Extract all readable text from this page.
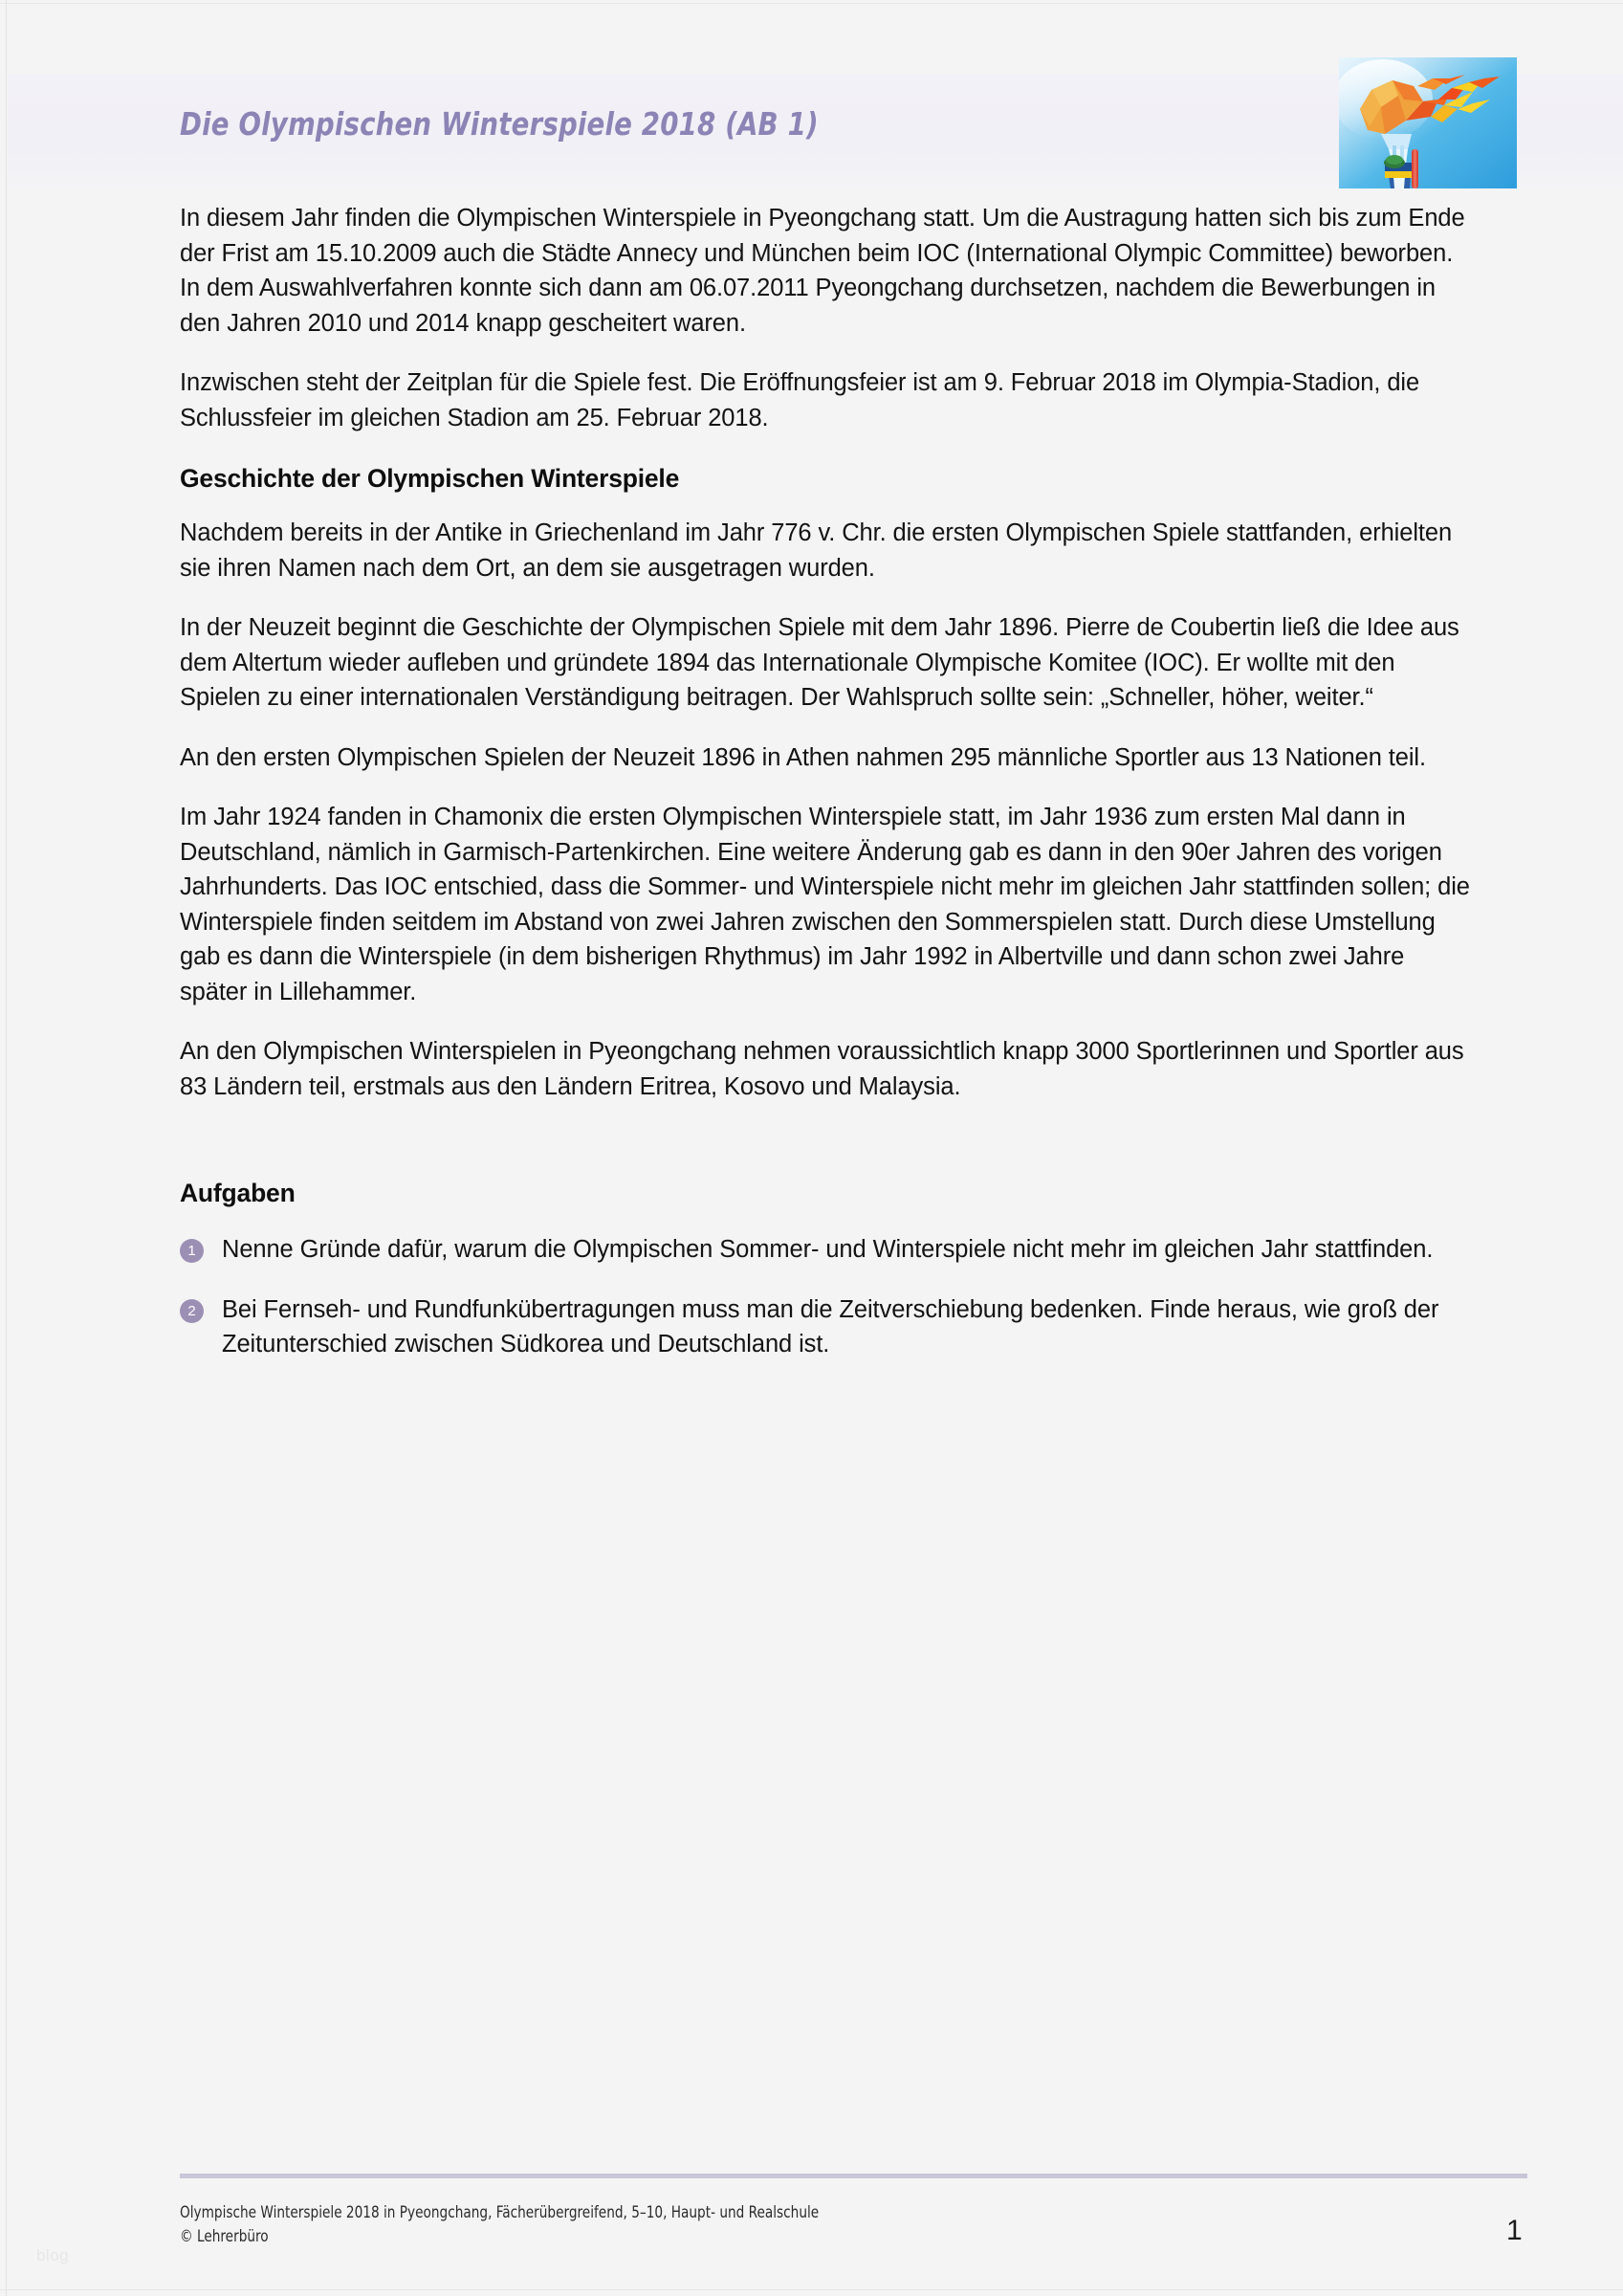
Die Olympischen Winterspiele 2018 (AB 1)

In diesem Jahr finden die Olympischen Winterspiele in Pyeongchang statt. Um die Austragung hatten sich bis zum Ende der Frist am 15.10.2009 auch die Städte Annecy und München beim IOC (International Olympic Committee) beworben. In dem Auswahlverfahren konnte sich dann am 06.07.2011 Pyeongchang durchsetzen, nachdem die Bewerbungen in den Jahren 2010 und 2014 knapp gescheitert waren.

Inzwischen steht der Zeitplan für die Spiele fest. Die Eröffnungsfeier ist am 9. Februar 2018 im Olympia-Stadion, die Schlussfeier im gleichen Stadion am 25. Februar 2018.

Geschichte der Olympischen Winterspiele

Nachdem bereits in der Antike in Griechenland im Jahr 776 v. Chr. die ersten Olympischen Spiele stattfanden, erhielten sie ihren Namen nach dem Ort, an dem sie ausgetragen wurden.

In der Neuzeit beginnt die Geschichte der Olympischen Spiele mit dem Jahr 1896. Pierre de Coubertin ließ die Idee aus dem Altertum wieder aufleben und gründete 1894 das Internationale Olympische Komitee (IOC). Er wollte mit den Spielen zu einer internationalen Verständigung beitragen. Der Wahlspruch sollte sein: „Schneller, höher, weiter.“

An den ersten Olympischen Spielen der Neuzeit 1896 in Athen nahmen 295 männliche Sportler aus 13 Nationen teil.

Im Jahr 1924 fanden in Chamonix die ersten Olympischen Winterspiele statt, im Jahr 1936 zum ersten Mal dann in Deutschland, nämlich in Garmisch-Partenkirchen. Eine weitere Änderung gab es dann in den 90er Jahren des vorigen Jahrhunderts. Das IOC entschied, dass die Sommer- und Winterspiele nicht mehr im gleichen Jahr stattfinden sollen; die Winterspiele finden seitdem im Abstand von zwei Jahren zwischen den Sommerspielen statt. Durch diese Umstellung gab es dann die Winterspiele (in dem bisherigen Rhythmus) im Jahr 1992 in Albertville und dann schon zwei Jahre später in Lillehammer.

An den Olympischen Winterspielen in Pyeongchang nehmen voraussichtlich knapp 3000 Sportlerinnen und Sportler aus 83 Ländern teil, erstmals aus den Ländern Eritrea, Kosovo und Malaysia.

Aufgaben
1	Nenne Gründe dafür, warum die Olympischen Sommer- und Winterspiele nicht mehr im gleichen Jahr stattfinden.
2	Bei Fernseh- und Rundfunkübertragungen muss man die Zeitverschiebung bedenken. Finde heraus, wie groß der Zeitunterschied zwischen Südkorea und Deutschland ist.
Olympische Winterspiele 2018 in Pyeongchang, Fächerübergreifend, 5–10, Haupt- und Realschule
© Lehrerbüro	1
blog
